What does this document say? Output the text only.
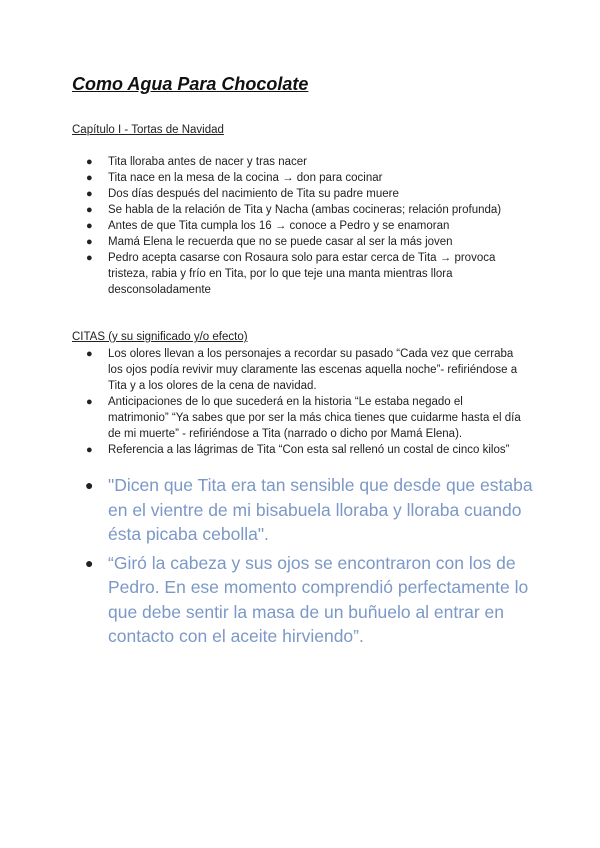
Como Agua Para Chocolate

Capítulo I - Tortas de Navidad

● Tita lloraba antes de nacer y tras nacer
● Tita nace en la mesa de la cocina → don para cocinar
● Dos días después del nacimiento de Tita su padre muere
● Se habla de la relación de Tita y Nacha (ambas cocineras; relación profunda)
● Antes de que Tita cumpla los 16 → conoce a Pedro y se enamoran
● Mamá Elena le recuerda que no se puede casar al ser la más joven
● Pedro acepta casarse con Rosaura solo para estar cerca de Tita → provoca tristeza, rabia y frío en Tita, por lo que teje una manta mientras llora desconsoladamente

CITAS (y su significado y/o efecto)

● Los olores llevan a los personajes a recordar su pasado “Cada vez que cerraba los ojos podía revivir muy claramente las escenas aquella noche”- refiriéndose a Tita y a los olores de la cena de navidad.
● Anticipaciones de lo que sucederá en la historia “Le estaba negado el matrimonio” “Ya sabes que por ser la más chica tienes que cuidarme hasta el día de mi muerte” - refiriéndose a Tita (narrado o dicho por Mamá Elena).
● Referencia a las lágrimas de Tita “Con esta sal rellenó un costal de cinco kilos”
● "Dicen que Tita era tan sensible que desde que estaba en el vientre de mi bisabuela lloraba y lloraba cuando ésta picaba cebolla".
● “Giró la cabeza y sus ojos se encontraron con los de Pedro. En ese momento comprendió perfectamente lo que debe sentir la masa de un buñuelo al entrar en contacto con el aceite hirviendo”.
